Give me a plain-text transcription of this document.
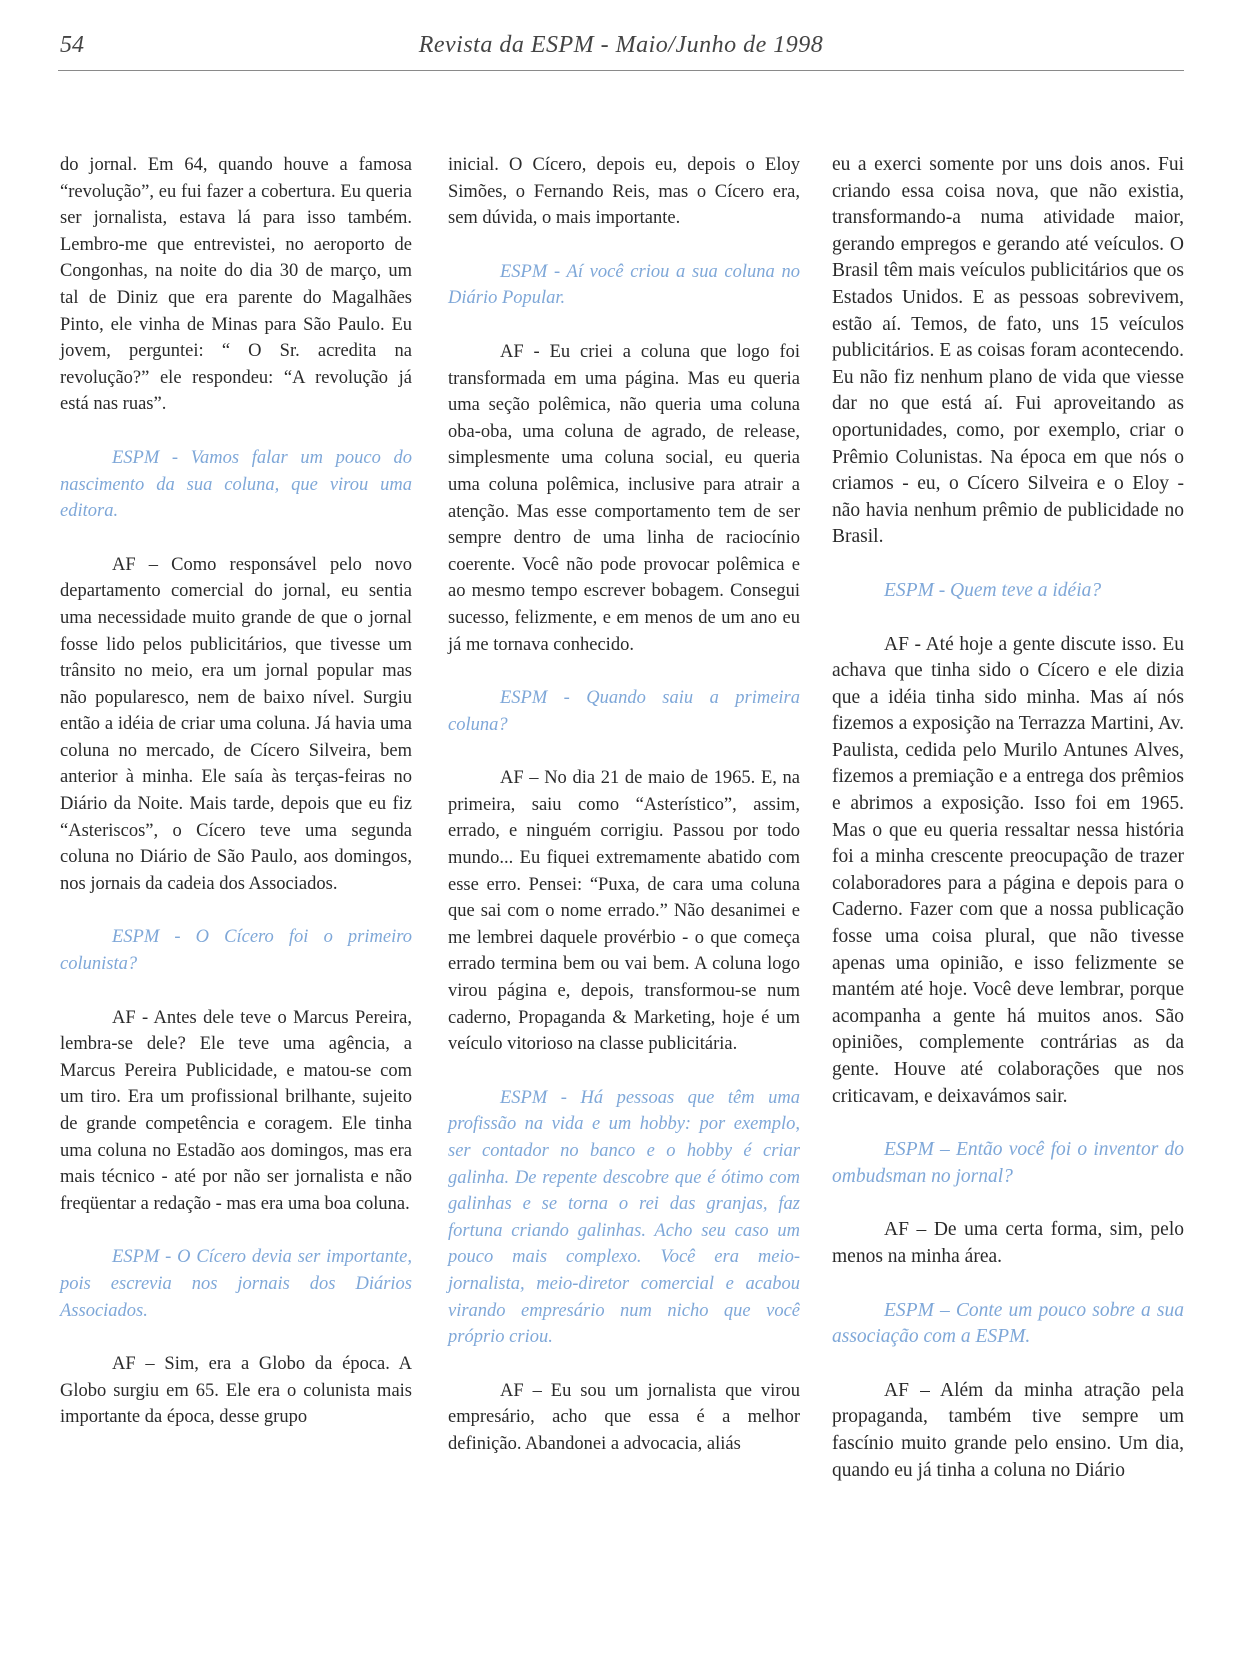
54	Revista da ESPM - Maio/Junho de 1998

do jornal. Em 64, quando houve a famosa “revolução”, eu fui fazer a cobertura. Eu queria ser jornalista, estava lá para isso também. Lembro-me que entrevistei, no aeroporto de Congonhas, na noite do dia 30 de março, um tal de Diniz que era parente do Magalhães Pinto, ele vinha de Minas para São Paulo. Eu jovem, perguntei: “ O Sr. acredita na revolução?” ele respondeu: “A revolução já está nas ruas”.

ESPM - Vamos falar um pouco do nascimento da sua coluna, que virou uma editora.

AF – Como responsável pelo novo departamento comercial do jornal, eu sentia uma necessidade muito grande de que o jornal fosse lido pelos publicitários, que tivesse um trânsito no meio, era um jornal popular mas não popularesco, nem de baixo nível. Surgiu então a idéia de criar uma coluna. Já havia uma coluna no mercado, de Cícero Silveira, bem anterior à minha. Ele saía às terças-feiras no Diário da Noite. Mais tarde, depois que eu fiz “Asteriscos”, o Cícero teve uma segunda coluna no Diário de São Paulo, aos domingos, nos jornais da cadeia dos Associados.

ESPM - O Cícero foi o primeiro colunista?

AF - Antes dele teve o Marcus Pereira, lembra-se dele? Ele teve uma agência, a Marcus Pereira Publicidade, e matou-se com um tiro. Era um profissional brilhante, sujeito de grande competência e coragem. Ele tinha uma coluna no Estadão aos domingos, mas era mais técnico - até por não ser jornalista e não freqüentar a redação - mas era uma boa coluna.

ESPM - O Cícero devia ser importante, pois escrevia nos jornais dos Diários Associados.

AF – Sim, era a Globo da época. A Globo surgiu em 65. Ele era o colunista mais importante da época, desse grupo

inicial. O Cícero, depois eu, depois o Eloy Simões, o Fernando Reis, mas o Cícero era, sem dúvida, o mais importante.

ESPM - Aí você criou a sua coluna no Diário Popular.

AF - Eu criei a coluna que logo foi transformada em uma página. Mas eu queria uma seção polêmica, não queria uma coluna oba-oba, uma coluna de agrado, de release, simplesmente uma coluna social, eu queria uma coluna polêmica, inclusive para atrair a atenção. Mas esse comportamento tem de ser sempre dentro de uma linha de raciocínio coerente. Você não pode provocar polêmica e ao mesmo tempo escrever bobagem. Consegui sucesso, felizmente, e em menos de um ano eu já me tornava conhecido.

ESPM - Quando saiu a primeira coluna?

AF – No dia 21 de maio de 1965. E, na primeira, saiu como “Asterístico”, assim, errado, e ninguém corrigiu. Passou por todo mundo... Eu fiquei extremamente abatido com esse erro. Pensei: “Puxa, de cara uma coluna que sai com o nome errado.” Não desanimei e me lembrei daquele provérbio - o que começa errado termina bem ou vai bem. A coluna logo virou página e, depois, transformou-se num caderno, Propaganda & Marketing, hoje é um veículo vitorioso na classe publicitária.

ESPM - Há pessoas que têm uma profissão na vida e um hobby: por exemplo, ser contador no banco e o hobby é criar galinha. De repente descobre que é ótimo com galinhas e se torna o rei das granjas, faz fortuna criando galinhas. Acho seu caso um pouco mais complexo. Você era meio-jornalista, meio-diretor comercial e acabou virando empresário num nicho que você próprio criou.

AF – Eu sou um jornalista que virou empresário, acho que essa é a melhor definição. Abandonei a advocacia, aliás

eu a exerci somente por uns dois anos. Fui criando essa coisa nova, que não existia, transformando-a numa atividade maior, gerando empregos e gerando até veículos. O Brasil têm mais veículos publicitários que os Estados Unidos. E as pessoas sobrevivem, estão aí. Temos, de fato, uns 15 veículos publicitários. E as coisas foram acontecendo. Eu não fiz nenhum plano de vida que viesse dar no que está aí. Fui aproveitando as oportunidades, como, por exemplo, criar o Prêmio Colunistas. Na época em que nós o criamos - eu, o Cícero Silveira e o Eloy - não havia nenhum prêmio de publicidade no Brasil.

ESPM - Quem teve a idéia?

AF - Até hoje a gente discute isso. Eu achava que tinha sido o Cícero e ele dizia que a idéia tinha sido minha. Mas aí nós fizemos a exposição na Terrazza Martini, Av. Paulista, cedida pelo Murilo Antunes Alves, fizemos a premiação e a entrega dos prêmios e abrimos a exposição. Isso foi em 1965. Mas o que eu queria ressaltar nessa história foi a minha crescente preocupação de trazer colaboradores para a página e depois para o Caderno. Fazer com que a nossa publicação fosse uma coisa plural, que não tivesse apenas uma opinião, e isso felizmente se mantém até hoje. Você deve lembrar, porque acompanha a gente há muitos anos. São opiniões, complemente contrárias as da gente. Houve até colaborações que nos criticavam, e deixavámos sair.

ESPM – Então você foi o inventor do ombudsman no jornal?

AF – De uma certa forma, sim, pelo menos na minha área.

ESPM – Conte um pouco sobre a sua associação com a ESPM.

AF – Além da minha atração pela propaganda, também tive sempre um fascínio muito grande pelo ensino. Um dia, quando eu já tinha a coluna no Diário
